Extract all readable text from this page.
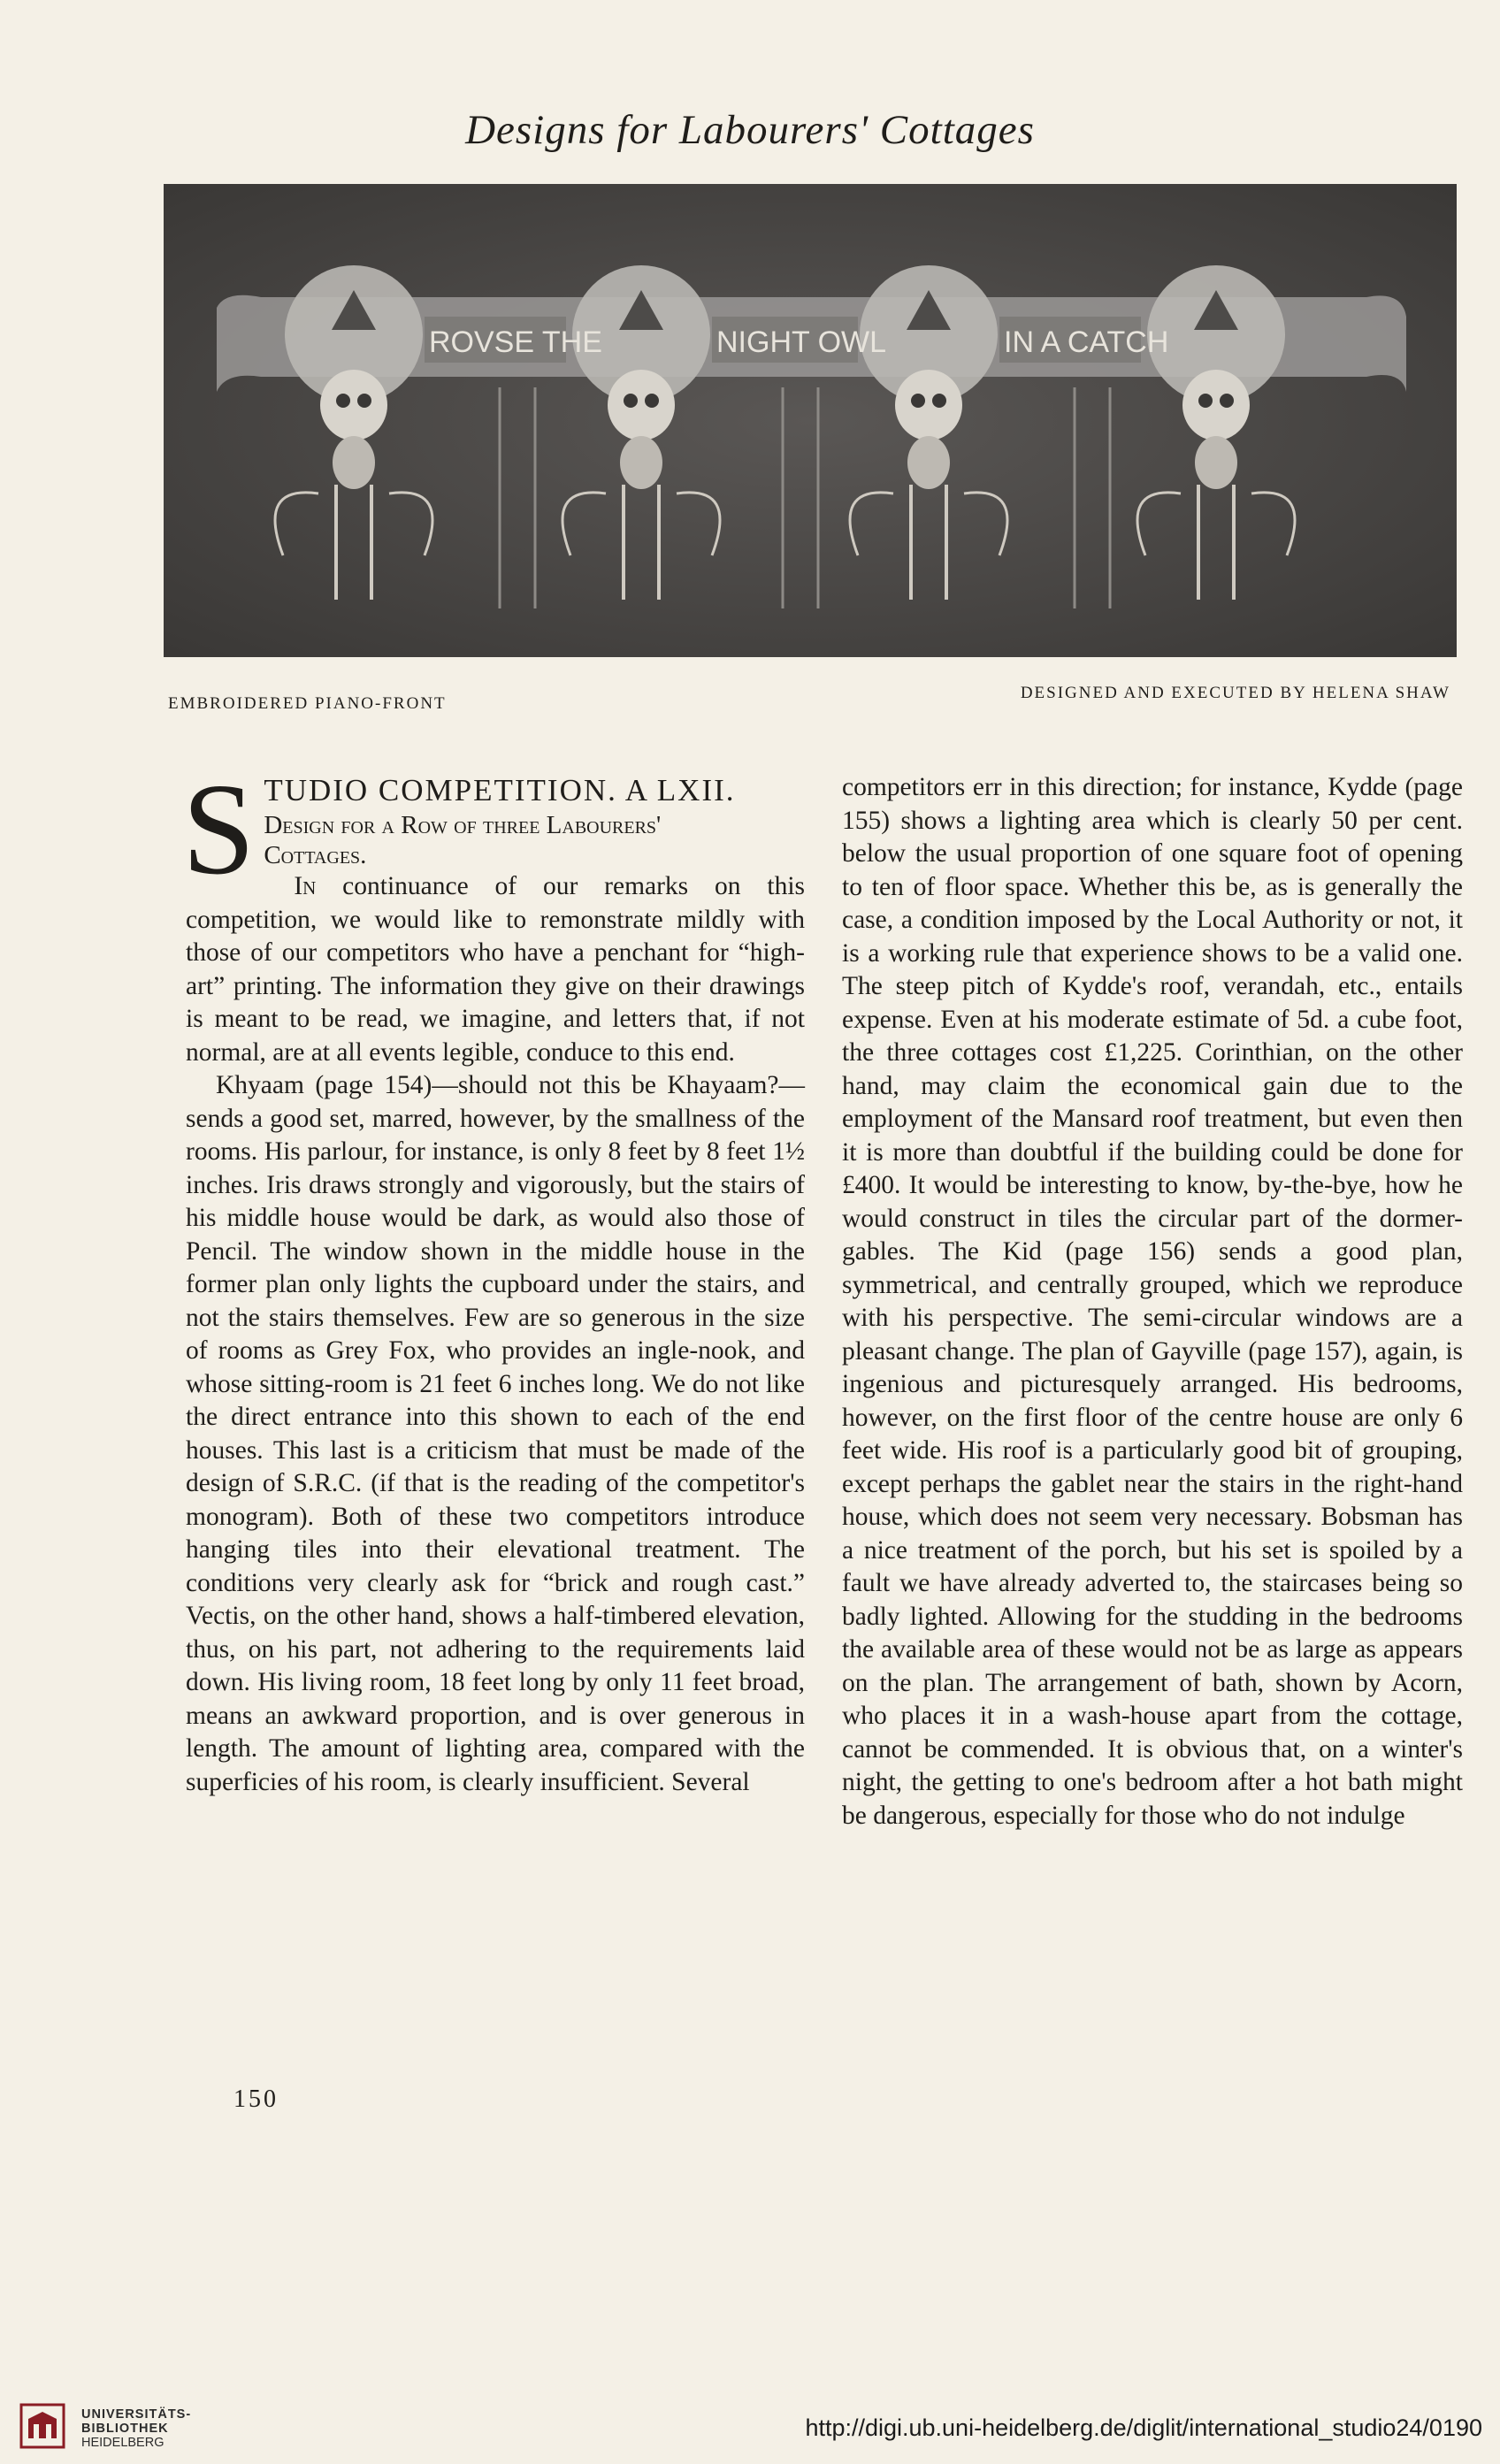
Designs for Labourers' Cottages
ROVSE THE	NIGHT OWL	IN A CATCH
EMBROIDERED PIANO-FRONT
DESIGNED AND EXECUTED BY HELENA SHAW
S TUDIO COMPETITION. A LXII.

Design for a Row of three Labourers'
Cottages.

In continuance of our remarks on this competition, we would like to remonstrate mildly with those of our competitors who have a penchant for “high-art” printing. The information they give on their drawings is meant to be read, we imagine, and letters that, if not normal, are at all events legible, conduce to this end.

Khyaam (page 154)—should not this be Khayaam?—sends a good set, marred, however, by the smallness of the rooms. His parlour, for instance, is only 8 feet by 8 feet 1½ inches. Iris draws strongly and vigorously, but the stairs of his middle house would be dark, as would also those of Pencil. The window shown in the middle house in the former plan only lights the cupboard under the stairs, and not the stairs themselves. Few are so generous in the size of rooms as Grey Fox, who provides an ingle-nook, and whose sitting-room is 21 feet 6 inches long. We do not like the direct entrance into this shown to each of the end houses. This last is a criticism that must be made of the design of S.R.C. (if that is the reading of the competitor's monogram). Both of these two competitors introduce hanging tiles into their elevational treatment. The conditions very clearly ask for “brick and rough cast.” Vectis, on the other hand, shows a half-timbered elevation, thus, on his part, not adhering to the requirements laid down. His living room, 18 feet long by only 11 feet broad, means an awkward proportion, and is over generous in length. The amount of lighting area, compared with the superficies of his room, is clearly insufficient. Several

competitors err in this direction; for instance, Kydde (page 155) shows a lighting area which is clearly 50 per cent. below the usual proportion of one square foot of opening to ten of floor space. Whether this be, as is generally the case, a condition imposed by the Local Authority or not, it is a working rule that experience shows to be a valid one. The steep pitch of Kydde's roof, verandah, etc., entails expense. Even at his moderate estimate of 5d. a cube foot, the three cottages cost £1,225. Corinthian, on the other hand, may claim the economical gain due to the employment of the Mansard roof treatment, but even then it is more than doubtful if the building could be done for £400. It would be interesting to know, by-the-bye, how he would construct in tiles the circular part of the dormer-gables. The Kid (page 156) sends a good plan, symmetrical, and centrally grouped, which we reproduce with his perspective. The semi-circular windows are a pleasant change. The plan of Gayville (page 157), again, is ingenious and picturesquely arranged. His bedrooms, however, on the first floor of the centre house are only 6 feet wide. His roof is a particularly good bit of grouping, except perhaps the gablet near the stairs in the right-hand house, which does not seem very necessary. Bobsman has a nice treatment of the porch, but his set is spoiled by a fault we have already adverted to, the staircases being so badly lighted. Allowing for the studding in the bedrooms the available area of these would not be as large as appears on the plan. The arrangement of bath, shown by Acorn, who places it in a wash-house apart from the cottage, cannot be commended. It is obvious that, on a winter's night, the getting to one's bedroom after a hot bath might be dangerous, especially for those who do not indulge

150
UNIVERSITÄTS-
BIBLIOTHEK
HEIDELBERG
http://digi.ub.uni-heidelberg.de/diglit/international_studio24/0190
